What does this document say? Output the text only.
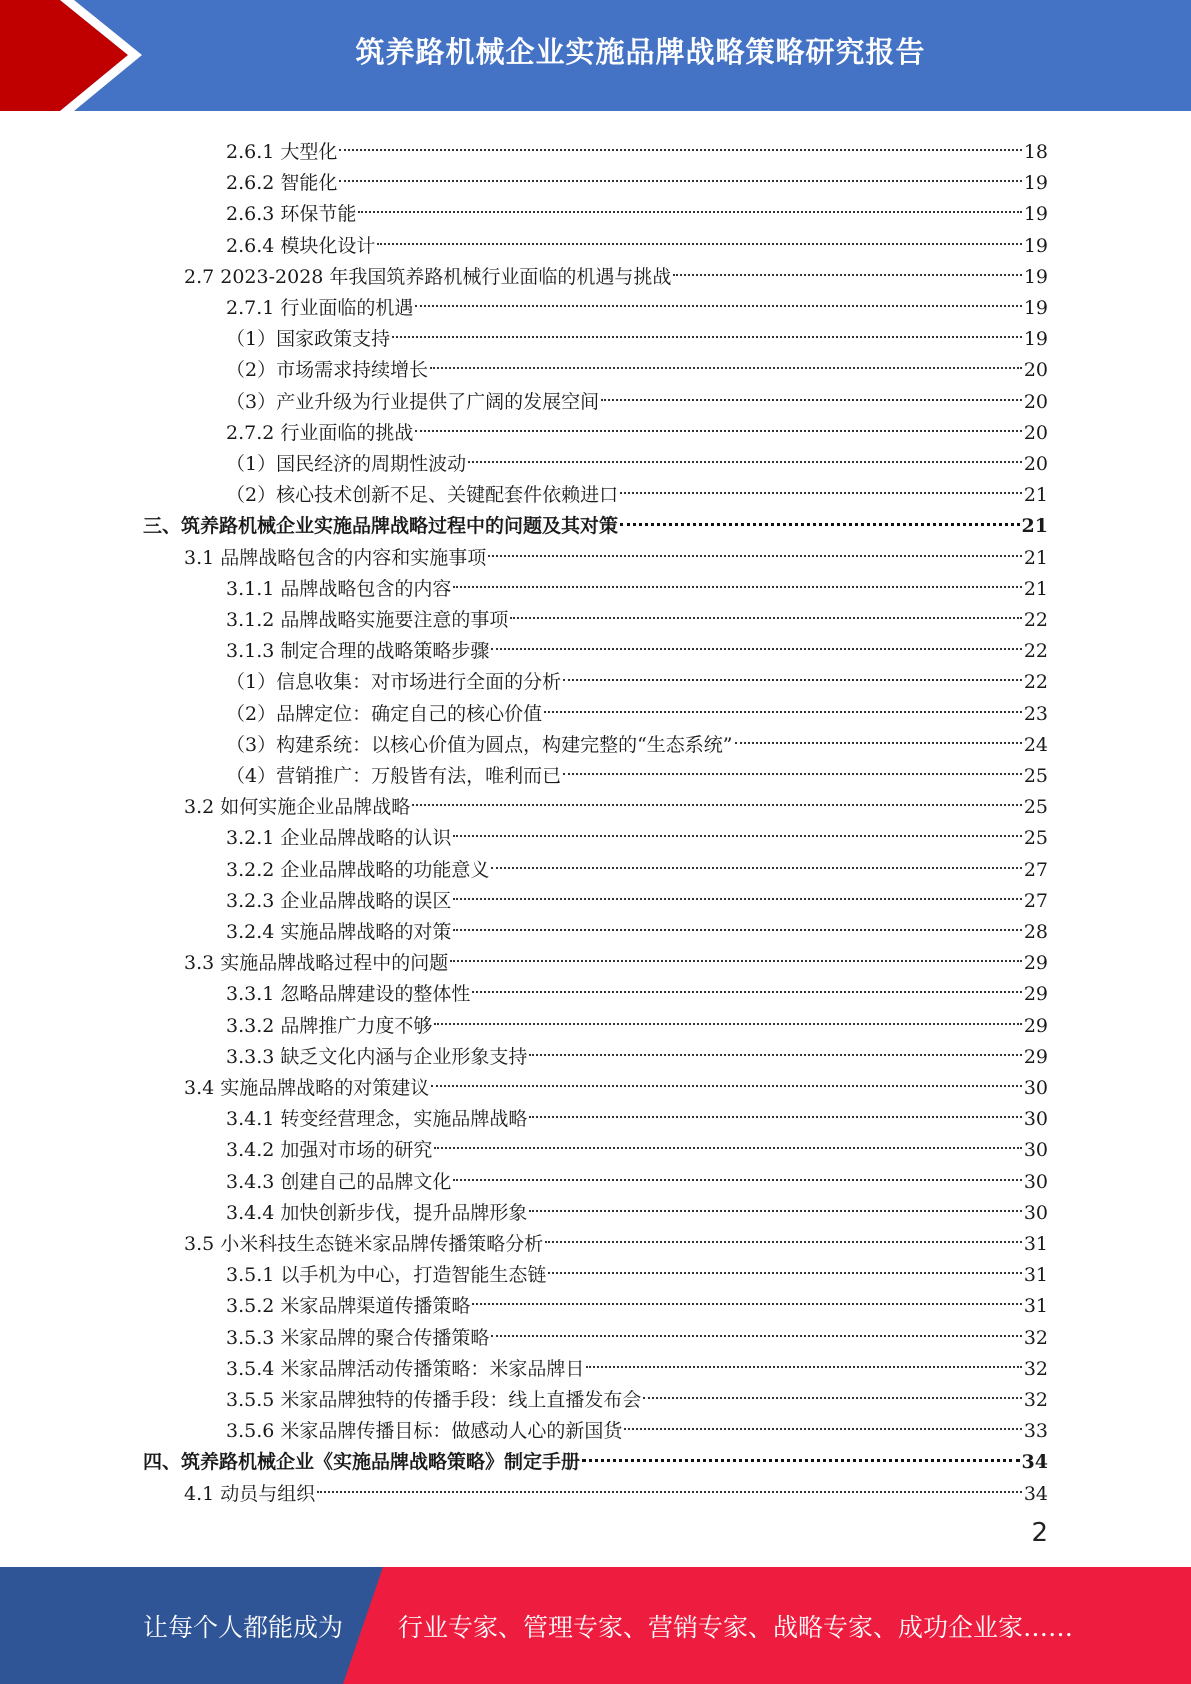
筑养路机械企业实施品牌战略策略研究报告
2.6.1 大型化	18
2.6.2 智能化	19
2.6.3 环保节能	19
2.6.4 模块化设计	19
2.7 2023-2028 年我国筑养路机械行业面临的机遇与挑战	19
2.7.1 行业面临的机遇	19
（1）国家政策支持	19
（2）市场需求持续增长	20
（3）产业升级为行业提供了广阔的发展空间	20
2.7.2 行业面临的挑战	20
（1）国民经济的周期性波动	20
（2）核心技术创新不足、关键配套件依赖进口	21
三、筑养路机械企业实施品牌战略过程中的问题及其对策	21
3.1 品牌战略包含的内容和实施事项	21
3.1.1 品牌战略包含的内容	21
3.1.2 品牌战略实施要注意的事项	22
3.1.3 制定合理的战略策略步骤	22
（1）信息收集：对市场进行全面的分析	22
（2）品牌定位：确定自己的核心价值	23
（3）构建系统：以核心价值为圆点，构建完整的“生态系统”	24
（4）营销推广：万般皆有法，唯利而已	25
3.2 如何实施企业品牌战略	25
3.2.1 企业品牌战略的认识	25
3.2.2 企业品牌战略的功能意义	27
3.2.3 企业品牌战略的误区	27
3.2.4 实施品牌战略的对策	28
3.3 实施品牌战略过程中的问题	29
3.3.1 忽略品牌建设的整体性	29
3.3.2 品牌推广力度不够	29
3.3.3 缺乏文化内涵与企业形象支持	29
3.4 实施品牌战略的对策建议	30
3.4.1 转变经营理念，实施品牌战略	30
3.4.2 加强对市场的研究	30
3.4.3 创建自己的品牌文化	30
3.4.4 加快创新步伐，提升品牌形象	30
3.5 小米科技生态链米家品牌传播策略分析	31
3.5.1 以手机为中心，打造智能生态链	31
3.5.2 米家品牌渠道传播策略	31
3.5.3 米家品牌的聚合传播策略	32
3.5.4 米家品牌活动传播策略：米家品牌日	32
3.5.5 米家品牌独特的传播手段：线上直播发布会	32
3.5.6 米家品牌传播目标：做感动人心的新国货	33
四、筑养路机械企业《实施品牌战略策略》制定手册	34
4.1 动员与组织	34
2
让每个人都能成为 行业专家、管理专家、营销专家、战略专家、成功企业家……
